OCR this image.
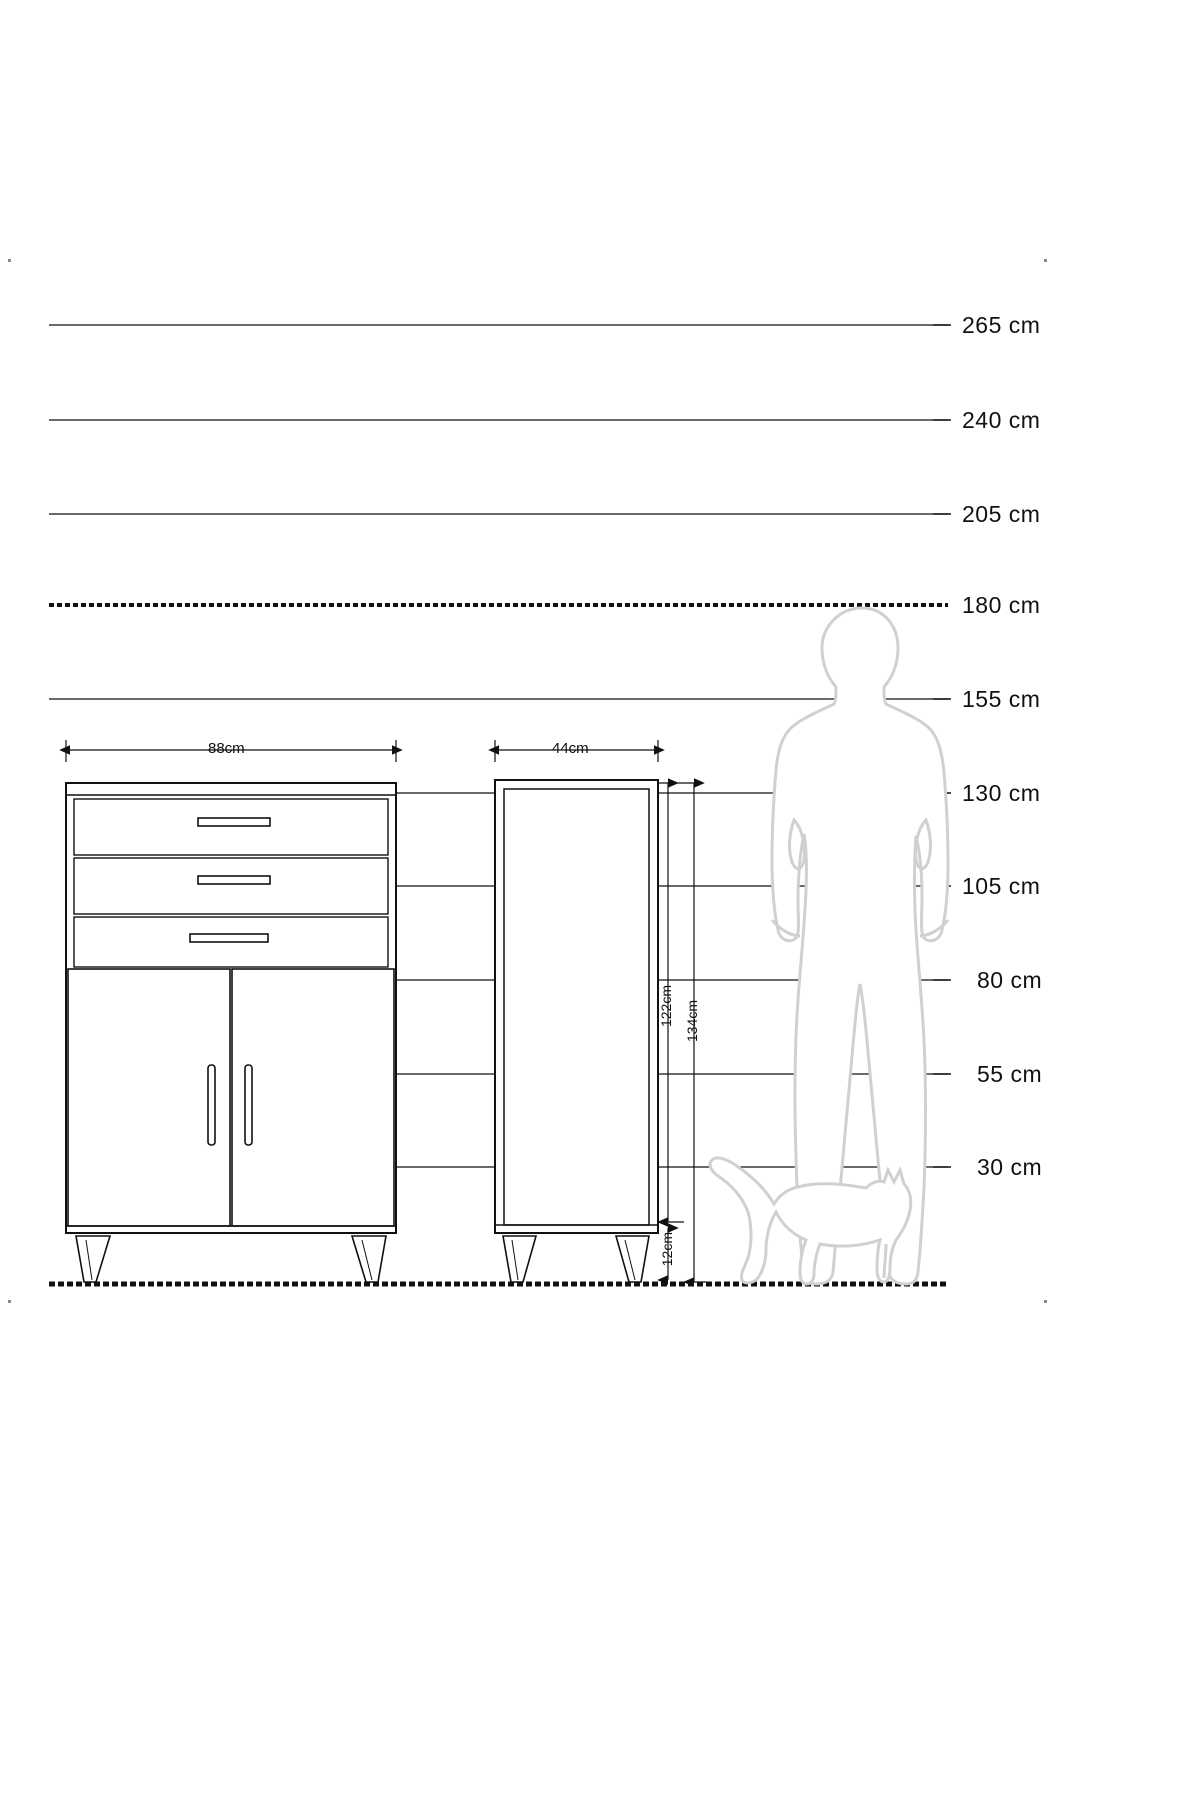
265 cm
240 cm
205 cm
180 cm
155 cm
130 cm
105 cm
80 cm
55 cm
30 cm
88cm	44cm
122cm 134cm
12cm
